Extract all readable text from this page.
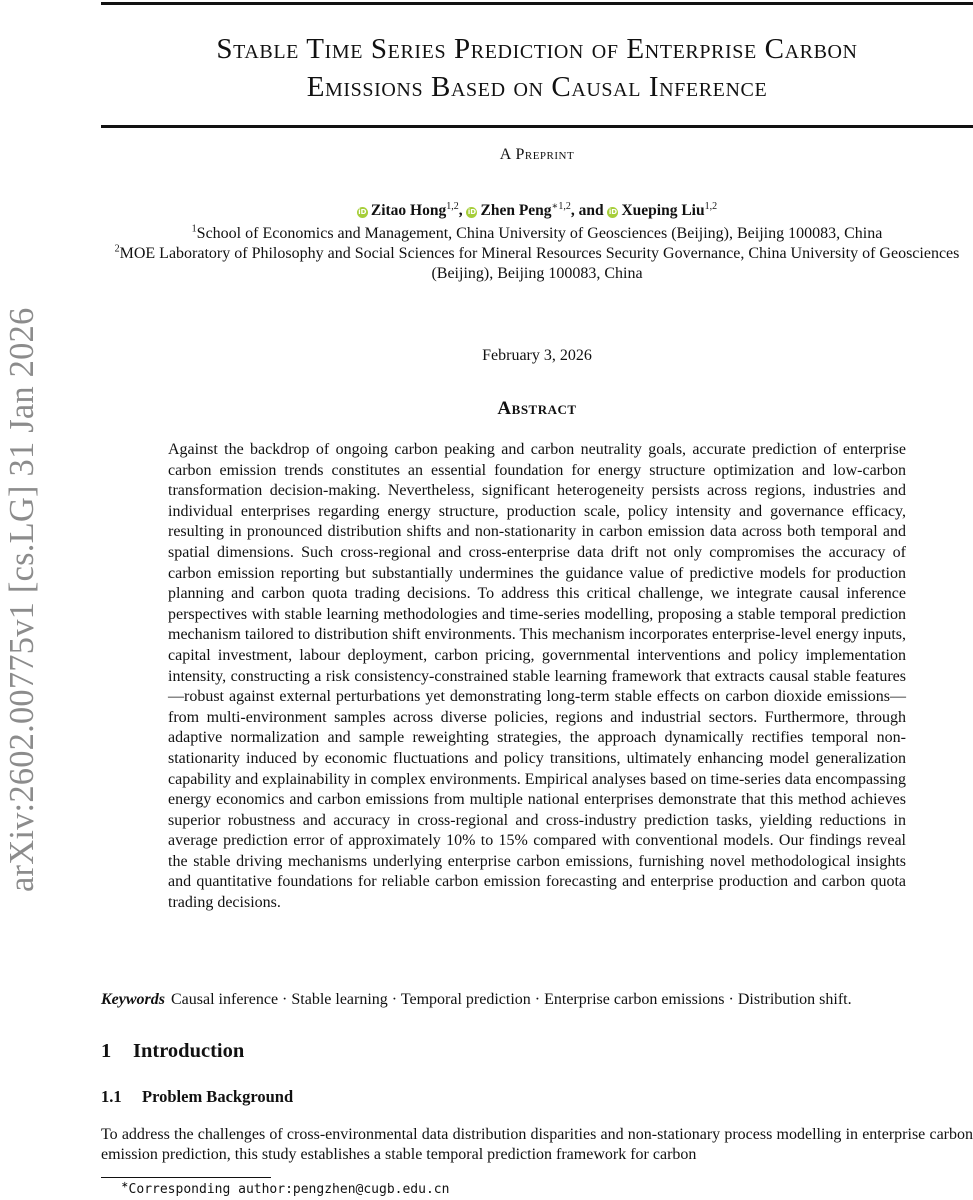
arXiv:2602.00775v1 [cs.LG] 31 Jan 2026
Stable Time Series Prediction of Enterprise Carbon
Emissions Based on Causal Inference
A Preprint
iD Zitao Hong$^{1,2}$, iD Zhen Peng$^{∗1,2}$, and iD Xueping Liu$^{1,2}$
$^1$School of Economics and Management, China University of Geosciences (Beijing), Beijing 100083, China
$^2$MOE Laboratory of Philosophy and Social Sciences for Mineral Resources Security Governance, China University of Geosciences (Beijing), Beijing 100083, China
February 3, 2026
Abstract

Against the backdrop of ongoing carbon peaking and carbon neutrality goals, accurate prediction of enterprise carbon emission trends constitutes an essential foundation for energy structure optimization and low-carbon transformation decision-making. Nevertheless, significant heterogeneity persists across regions, industries and individual enterprises regarding energy structure, production scale, policy intensity and governance efficacy, resulting in pronounced distribution shifts and non-stationarity in carbon emission data across both temporal and spatial dimensions. Such cross-regional and cross-enterprise data drift not only compromises the accuracy of carbon emission reporting but substantially undermines the guidance value of predictive models for production planning and carbon quota trading decisions. To address this critical challenge, we integrate causal inference perspectives with stable learning methodologies and time-series modelling, proposing a stable temporal prediction mechanism tailored to distribution shift environments. This mechanism incorporates enterprise-level energy inputs, capital investment, labour deployment, carbon pricing, governmental interventions and policy implementation intensity, constructing a risk consistency-constrained stable learning framework that extracts causal stable features—robust against external perturbations yet demonstrating long-term stable effects on carbon dioxide emissions—from multi-environment samples across diverse policies, regions and industrial sectors. Furthermore, through adaptive normalization and sample reweighting strategies, the approach dynamically rectifies temporal non-stationarity induced by economic fluctuations and policy transitions, ultimately enhancing model generalization capability and explainability in complex environments. Empirical analyses based on time-series data encompassing energy economics and carbon emissions from multiple national enterprises demonstrate that this method achieves superior robustness and accuracy in cross-regional and cross-industry prediction tasks, yielding reductions in average prediction error of approximately 10% to 15% compared with conventional models. Our findings reveal the stable driving mechanisms underlying enterprise carbon emissions, furnishing novel methodological insights and quantitative foundations for reliable carbon emission forecasting and enterprise production and carbon quota trading decisions.

Keywords Causal inference · Stable learning · Temporal prediction · Enterprise carbon emissions · Distribution shift.
1 Introduction
1.1 Problem Background

To address the challenges of cross-environmental data distribution disparities and non-stationary process modelling in enterprise carbon emission prediction, this study establishes a stable temporal prediction framework for carbon

∗Corresponding author:pengzhen@cugb.edu.cn
